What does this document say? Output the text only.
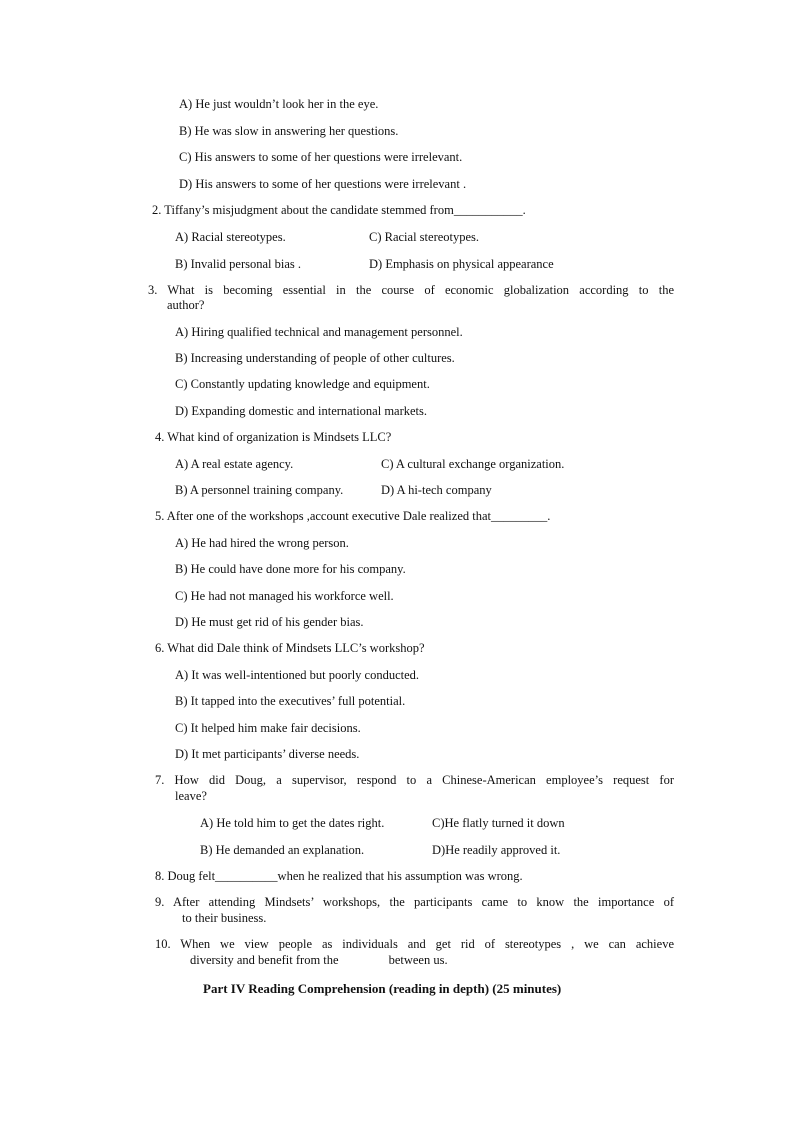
A) He just wouldn’t look her in the eye.
B) He was slow in answering her questions.
C) His answers to some of her questions were irrelevant.
D) His answers to some of her questions were irrelevant .
2. Tiffany’s misjudgment about the candidate stemmed from___________.
A) Racial stereotypes.	C) Racial stereotypes.
B) Invalid personal bias .	D) Emphasis on physical appearance
3. What is becoming essential in the course of economic globalization according to the
author?
A) Hiring qualified technical and management personnel.
B) Increasing understanding of people of other cultures.
C) Constantly updating knowledge and equipment.
D) Expanding domestic and international markets.
4. What kind of organization is Mindsets LLC?
A) A real estate agency.	C) A cultural exchange organization.
B) A personnel training company.	D) A hi-tech company
5. After one of the workshops ,account executive Dale realized that_________.
A) He had hired the wrong person.
B) He could have done more for his company.
C) He had not managed his workforce well.
D) He must get rid of his gender bias.
6. What did Dale think of Mindsets LLC’s workshop?
A) It was well-intentioned but poorly conducted.
B) It tapped into the executives’ full potential.
C) It helped him make fair decisions.
D) It met participants’ diverse needs.
7. How did Doug, a supervisor, respond to a Chinese-American employee’s request for
leave?
A) He told him to get the dates right.	C)He flatly turned it down
B) He demanded an explanation.	D)He readily approved it.
8. Doug felt__________when he realized that his assumption was wrong.
9. After attending Mindsets’ workshops, the participants came to know the importance of
to their business.
10. When we view people as individuals and get rid of stereotypes , we can achieve
diversity and benefit from the                between us.
Part IV Reading Comprehension (reading in depth) (25 minutes)
